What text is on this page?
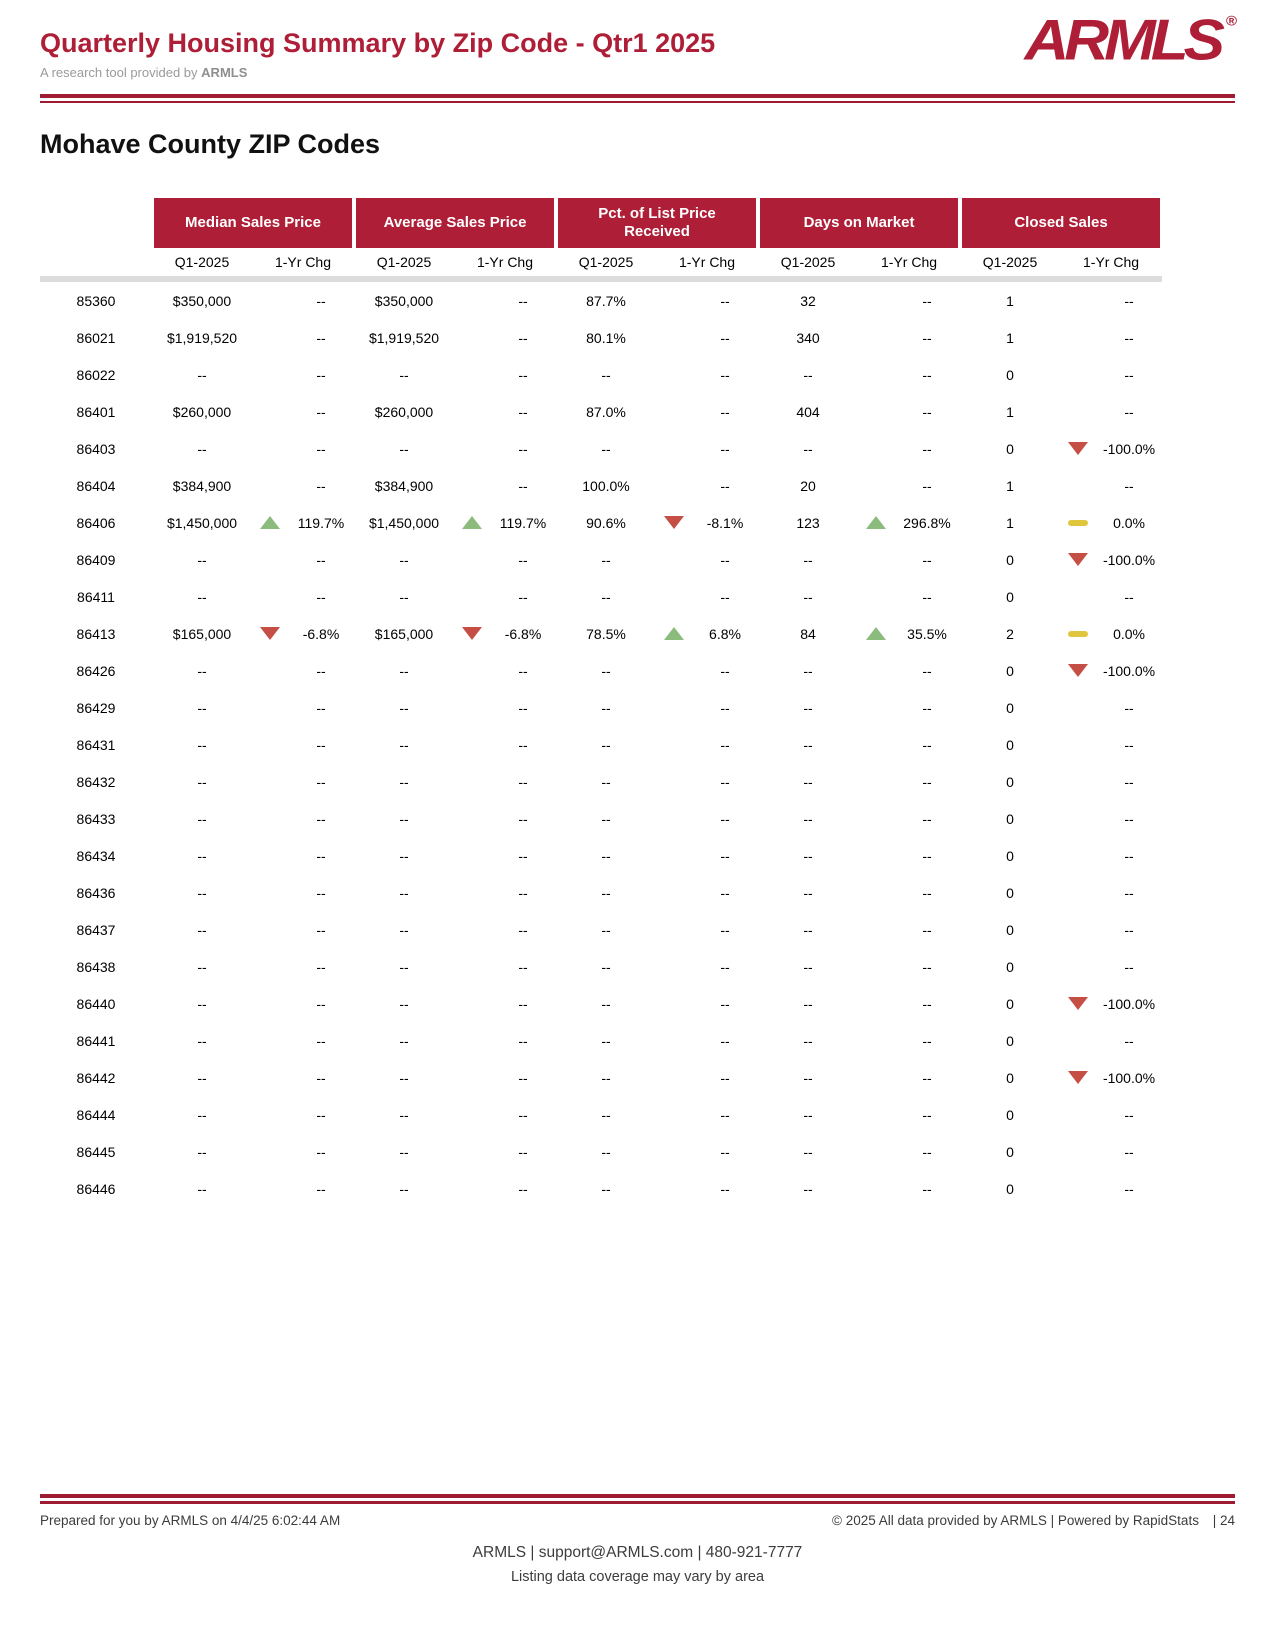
Quarterly Housing Summary by Zip Code - Qtr1 2025
A research tool provided by ARMLS
ARMLS ®
Mohave County ZIP Codes
	Median Sales Price		Average Sales Price		Pct. of List Price Received		Days on Market		Closed Sales	
	Q1-2025	1-Yr Chg	Q1-2025	1-Yr Chg	Q1-2025	1-Yr Chg	Q1-2025	1-Yr Chg	Q1-2025	1-Yr Chg
85360	$350,000	--	$350,000	--	87.7%	--	32	--	1	--

86021	$1,919,520	--	$1,919,520	--	80.1%	--	340	--	1	--

86022	--	--	--	--	--	--	--	--	0	--

86401	$260,000	--	$260,000	--	87.0%	--	404	--	1	--

86403	--	--	--	--	--	--	--	--	0	-100.0%

86404	$384,900	--	$384,900	--	100.0%	--	20	--	1	--

86406	$1,450,000	119.7%	$1,450,000	119.7%	90.6%	-8.1%	123	296.8%	1	0.0%

86409	--	--	--	--	--	--	--	--	0	-100.0%

86411	--	--	--	--	--	--	--	--	0	--

86413	$165,000	-6.8%	$165,000	-6.8%	78.5%	6.8%	84	35.5%	2	0.0%

86426	--	--	--	--	--	--	--	--	0	-100.0%

86429	--	--	--	--	--	--	--	--	0	--

86431	--	--	--	--	--	--	--	--	0	--

86432	--	--	--	--	--	--	--	--	0	--

86433	--	--	--	--	--	--	--	--	0	--

86434	--	--	--	--	--	--	--	--	0	--

86436	--	--	--	--	--	--	--	--	0	--

86437	--	--	--	--	--	--	--	--	0	--

86438	--	--	--	--	--	--	--	--	0	--

86440	--	--	--	--	--	--	--	--	0	-100.0%

86441	--	--	--	--	--	--	--	--	0	--

86442	--	--	--	--	--	--	--	--	0	-100.0%

86444	--	--	--	--	--	--	--	--	0	--

86445	--	--	--	--	--	--	--	--	0	--

86446	--	--	--	--	--	--	--	--	0	--
Prepared for you by ARMLS on 4/4/25 6:02:44 AM	© 2025 All data provided by ARMLS | Powered by RapidStats | 24
ARMLS | support@ARMLS.com | 480-921-7777
Listing data coverage may vary by area
